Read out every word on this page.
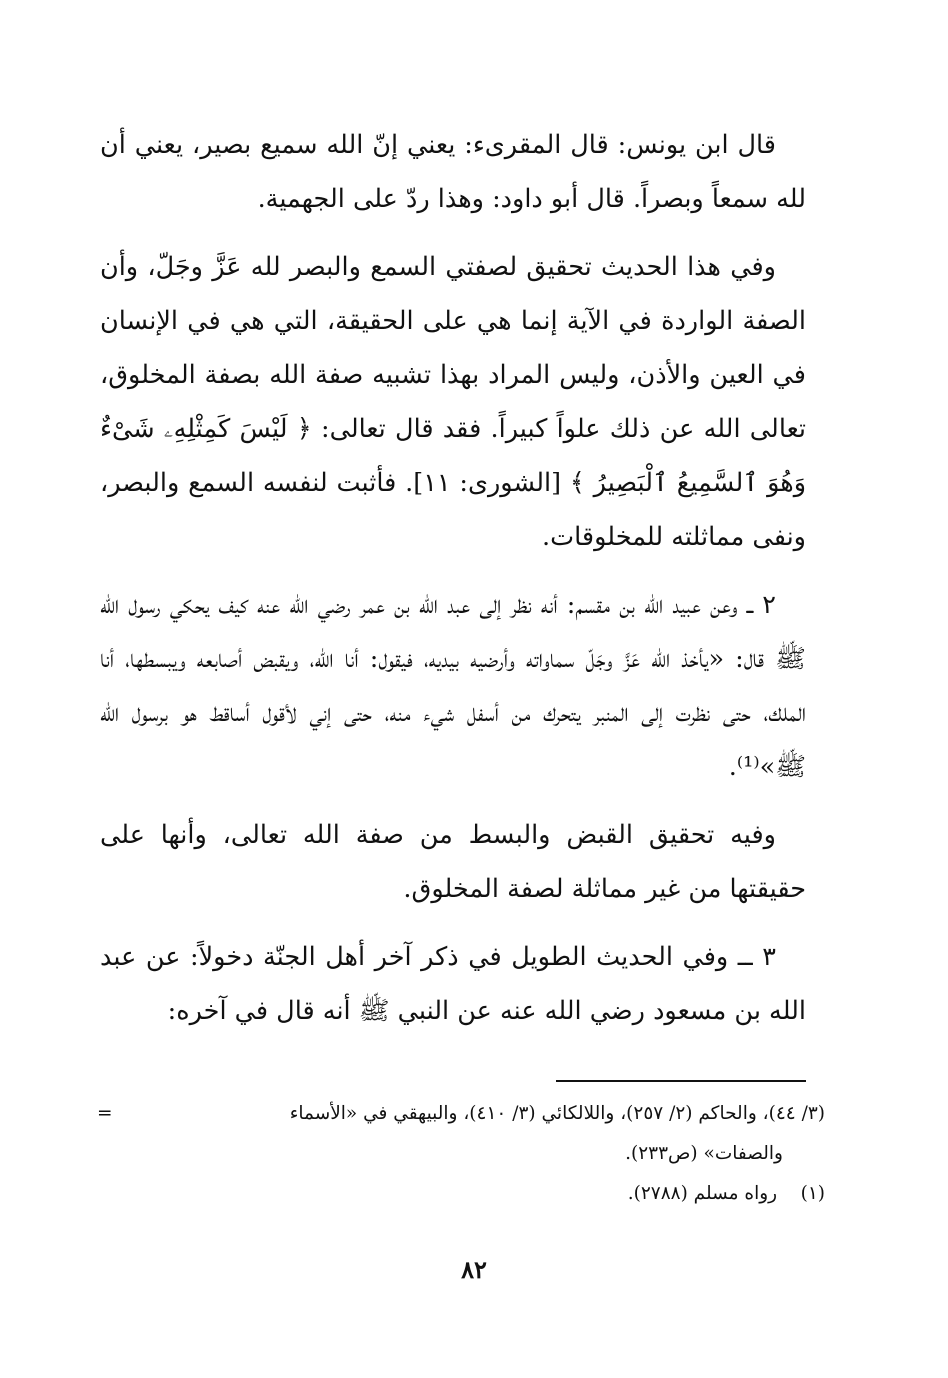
قال ابن يونس: قال المقرىء: يعني إنّ الله سميع بصير، يعني أن لله سمعاً وبصراً. قال أبو داود: وهذا ردّ على الجهمية.

وفي هذا الحديث تحقيق لصفتي السمع والبصر لله عَزَّ وجَلّ، وأن الصفة الواردة في الآية إنما هي على الحقيقة، التي هي في الإنسان في العين والأذن، وليس المراد بهذا تشبيه صفة الله بصفة المخلوق، تعالى الله عن ذلك علواً كبيراً. فقد قال تعالى: ﴿ لَيْسَ كَمِثْلِهِۦ شَىْءٌ وَهُوَ ٱلسَّمِيعُ ٱلْبَصِيرُ ﴾ [الشورى: ١١]. فأثبت لنفسه السمع والبصر، ونفى مماثلته للمخلوقات.

٢ ــ وعن عبيد الله بن مقسم: أنه نظر إلى عبد الله بن عمر رضي الله عنه كيف يحكي رسول الله ﷺ قال: «يأخذ الله عَزَّ وجَلّ سماواته وأرضيه بيديه، فيقول: أنا الله، ويقبض أصابعه ويبسطها، أنا الملك، حتى نظرت إلى المنبر يتحرك من أسفل شيء منه، حتى إني لأقول أساقط هو برسول الله ﷺ»⁽¹⁾.

وفيه تحقيق القبض والبسط من صفة الله تعالى، وأنها على حقيقتها من غير مماثلة لصفة المخلوق.

٣ ــ وفي الحديث الطويل في ذكر آخر أهل الجنّة دخولاً: عن عبد الله بن مسعود رضي الله عنه عن النبي ﷺ أنه قال في آخره:

(٣/ ٤٤)، والحاكم (٢/ ٢٥٧)، واللالكائي (٣/ ٤١٠)، والبيهقي في «الأسماء
=

والصفات» (ص٢٣٣).

(١) رواه مسلم (٢٧٨٨).

٨٢
